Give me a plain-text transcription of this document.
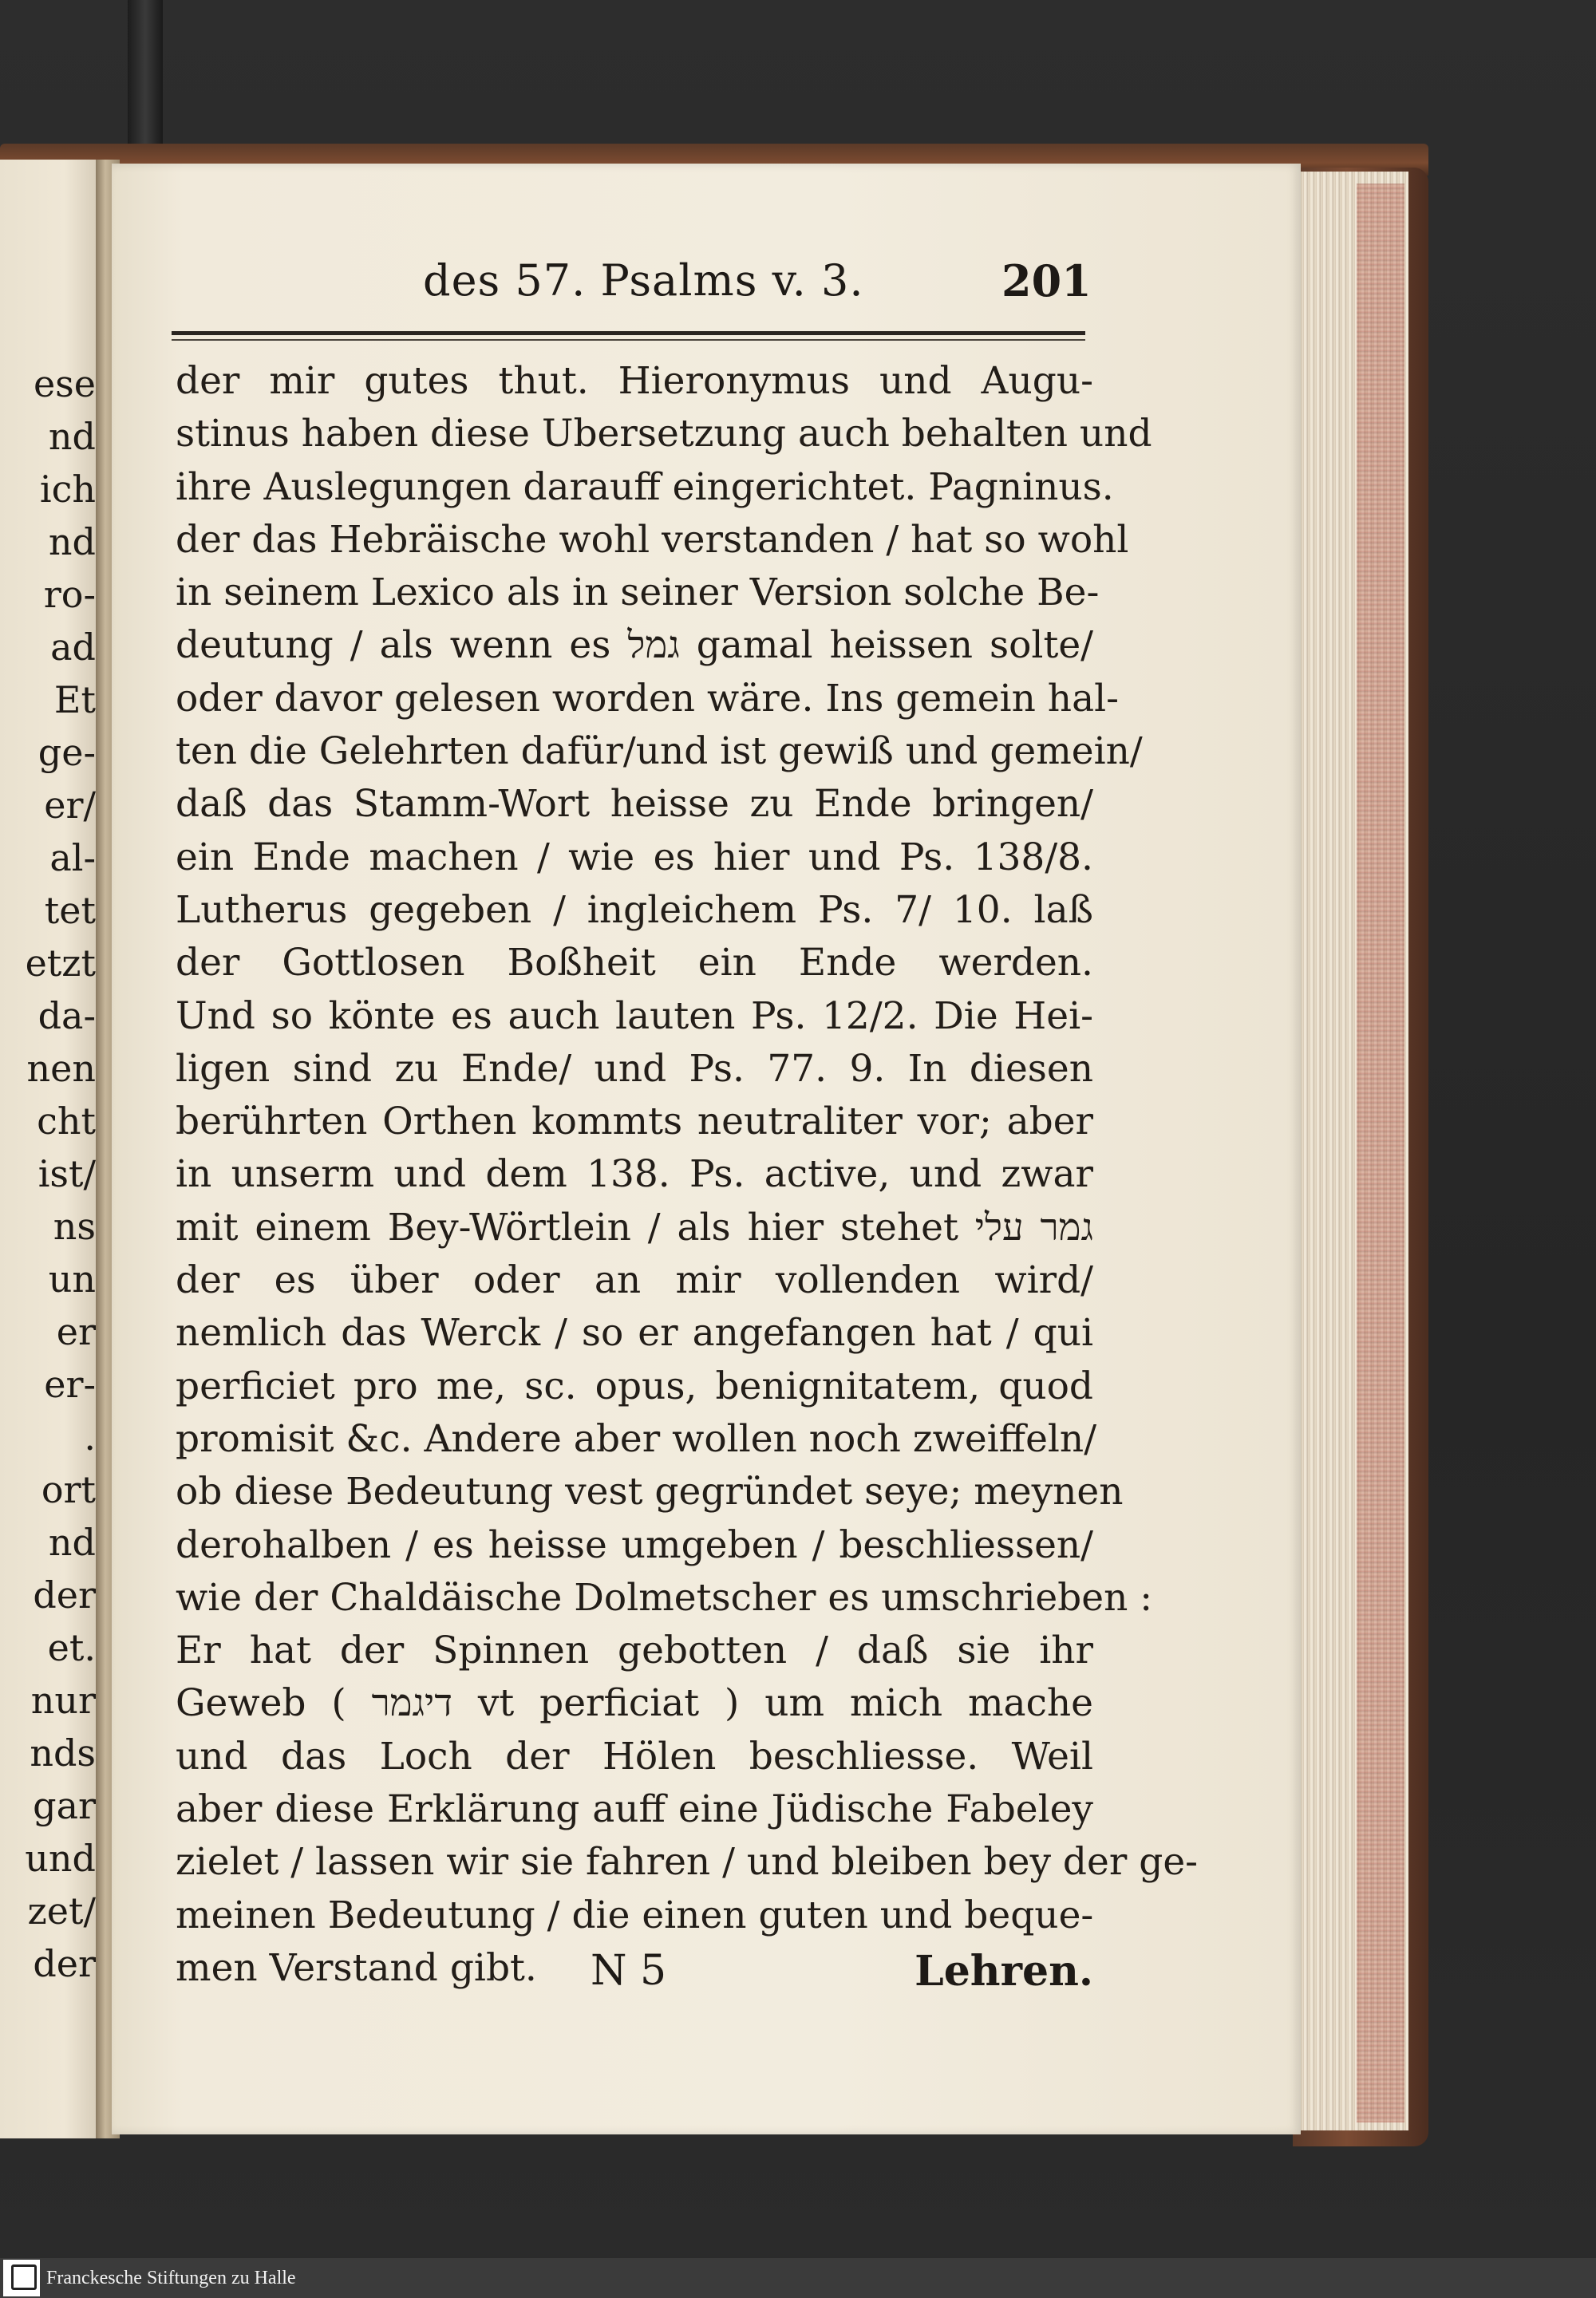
ese
nd
ich
nd
ro-
ad
Et
ge-
er/
al-
tet
etzt
da-
nen
cht
ist/
ns
un
er
er-
.
ort
nd
der
et.
nur
nds
gar
und
zet/
der
des 57. Psalms v. 3.	201
der mir gutes thut. Hieronymus und Augu-
stinus haben diese Ubersetzung auch behalten und
ihre Auslegungen darauff eingerichtet. Pagninus.
der das Hebräische wohl verstanden / hat so wohl
in seinem Lexico als in seiner Version solche Be-
deutung / als wenn es גמל gamal heissen solte/
oder davor gelesen worden wäre. Ins gemein hal-
ten die Gelehrten dafür/und ist gewiß und gemein/
daß das Stamm-Wort heisse zu Ende bringen/
ein Ende machen / wie es hier und Ps. 138/8.
Lutherus gegeben / ingleichem Ps. 7/ 10. laß
der Gottlosen Boßheit ein Ende werden.
Und so könte es auch lauten Ps. 12/2. Die Hei-
ligen sind zu Ende/ und Ps. 77. 9. In diesen
berührten Orthen kommts neutraliter vor; aber
in unserm und dem 138. Ps. active, und zwar
mit einem Bey-Wörtlein / als hier stehet גמר עלי
der es über oder an mir vollenden wird/
nemlich das Werck / so er angefangen hat / qui
perficiet pro me, sc. opus, benignitatem, quod
promisit &c. Andere aber wollen noch zweiffeln/
ob diese Bedeutung vest gegründet seye; meynen
derohalben / es heisse umgeben / beschliessen/
wie der Chaldäische Dolmetscher es umschrieben :
Er hat der Spinnen gebotten / daß sie ihr
Geweb ( דיגמר vt perficiat ) um mich mache
und das Loch der Hölen beschliesse. Weil
aber diese Erklärung auff eine Jüdische Fabeley
zielet / lassen wir sie fahren / und bleiben bey der ge-
meinen Bedeutung / die einen guten und beque-
men Verstand gibt.	N 5	Lehren.
Franckesche Stiftungen zu Halle
